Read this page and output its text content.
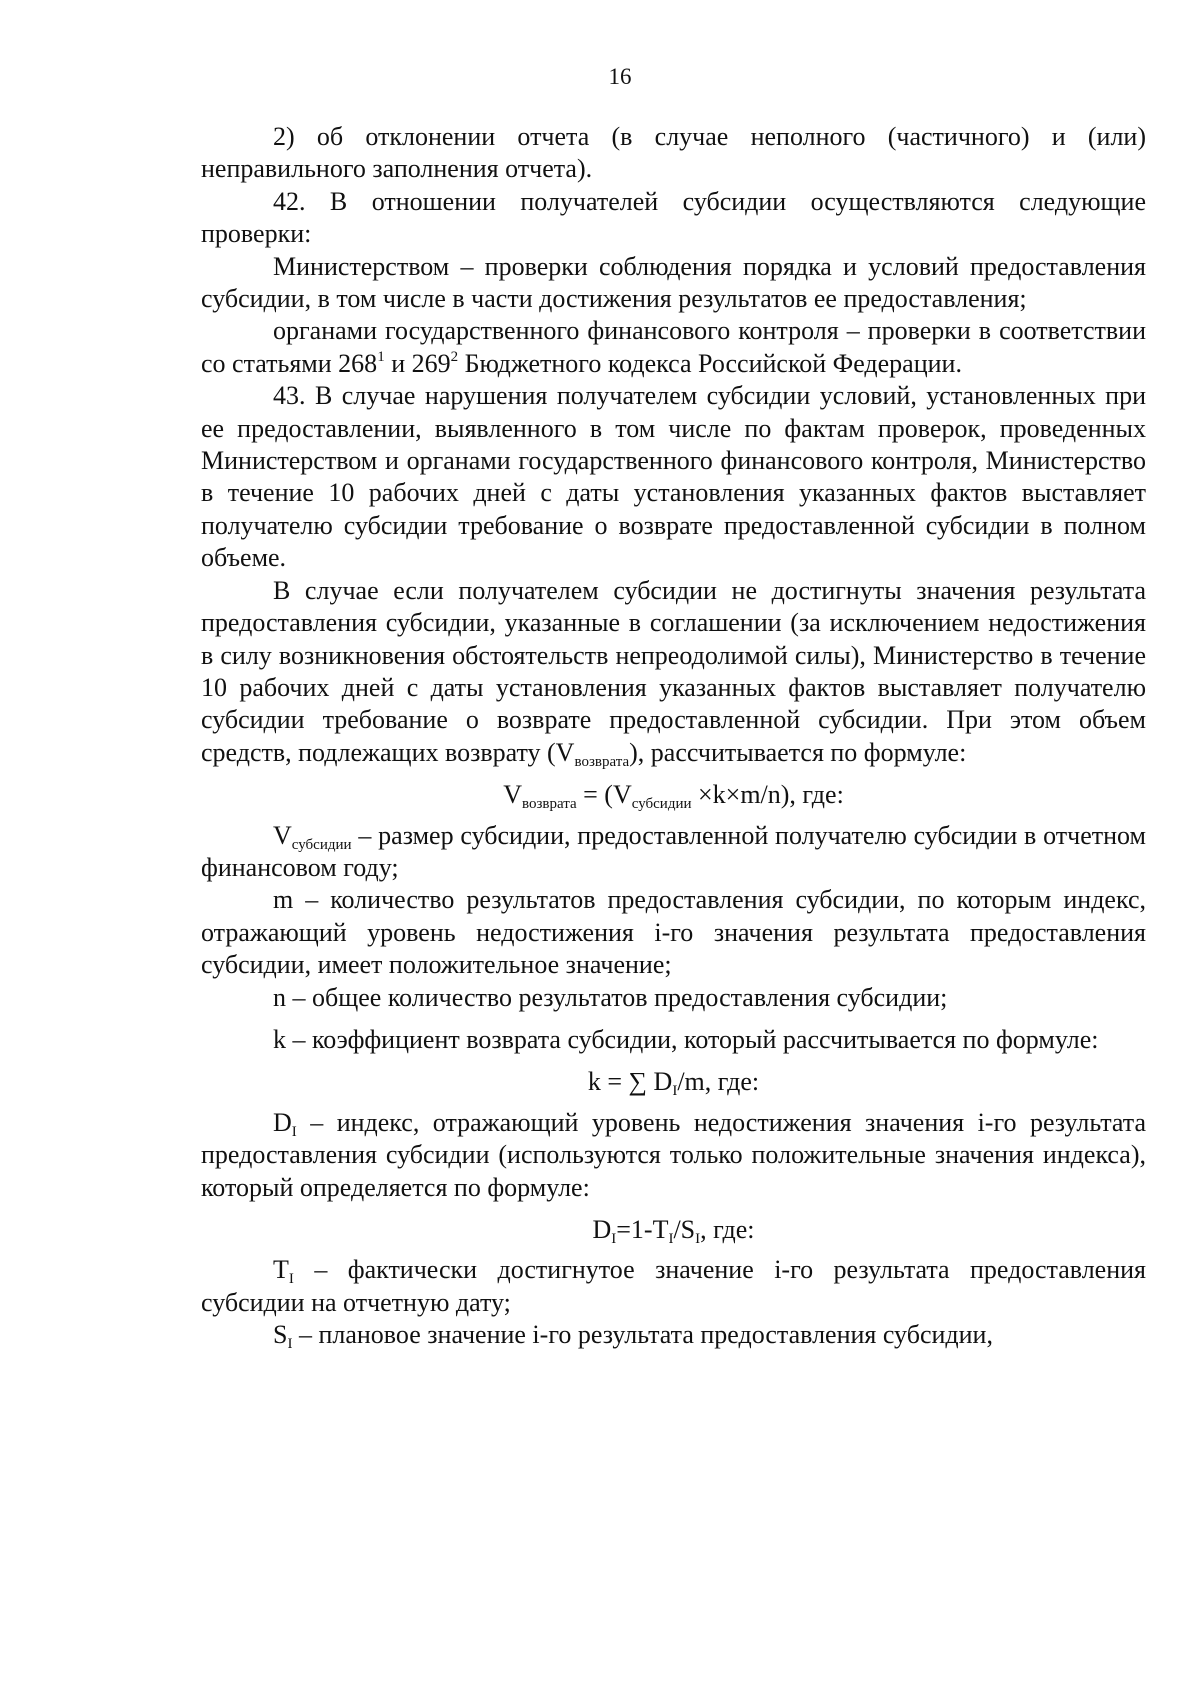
16

2) об отклонении отчета (в случае неполного (частичного) и (или) неправильного заполнения отчета).

42. В отношении получателей субсидии осуществляются следующие проверки:

Министерством – проверки соблюдения порядка и условий предоставления субсидии, в том числе в части достижения результатов ее предоставления;

органами государственного финансового контроля – проверки в соответствии со статьями $268^1$ и $269^2$ Бюджетного кодекса Российской Федерации.

43. В случае нарушения получателем субсидии условий, установленных при ее предоставлении, выявленного в том числе по фактам проверок, проведенных Министерством и органами государственного финансового контроля, Министерство в течение 10 рабочих дней с даты установления указанных фактов выставляет получателю субсидии требование о возврате предоставленной субсидии в полном объеме.

В случае если получателем субсидии не достигнуты значения результата предоставления субсидии, указанные в соглашении (за исключением недостижения в силу возникновения обстоятельств непреодолимой силы), Министерство в течение 10 рабочих дней с даты установления указанных фактов выставляет получателю субсидии требование о возврате предоставленной субсидии. При этом объем средств, подлежащих возврату $(V_{возврата})$, рассчитывается по формуле:

$V_{возврата} = (V_{субсидии} \times k\times m/n)$, где:

$V_{субсидии}$ – размер субсидии, предоставленной получателю субсидии в отчетном финансовом году;

m – количество результатов предоставления субсидии, по которым индекс, отражающий уровень недостижения i-го значения результата предоставления субсидии, имеет положительное значение;

n – общее количество результатов предоставления субсидии;

k – коэффициент возврата субсидии, который рассчитывается по формуле:

k = ∑ $D_I/m$, где:

$D_I$ – индекс, отражающий уровень недостижения значения i-го результата предоставления субсидии (используются только положительные значения индекса), который определяется по формуле:

$D_I=1-T_I/S_I$, где:

$T_I$ – фактически достигнутое значение i-го результата предоставления субсидии на отчетную дату;

$S_I$ – плановое значение i-го результата предоставления субсидии,
